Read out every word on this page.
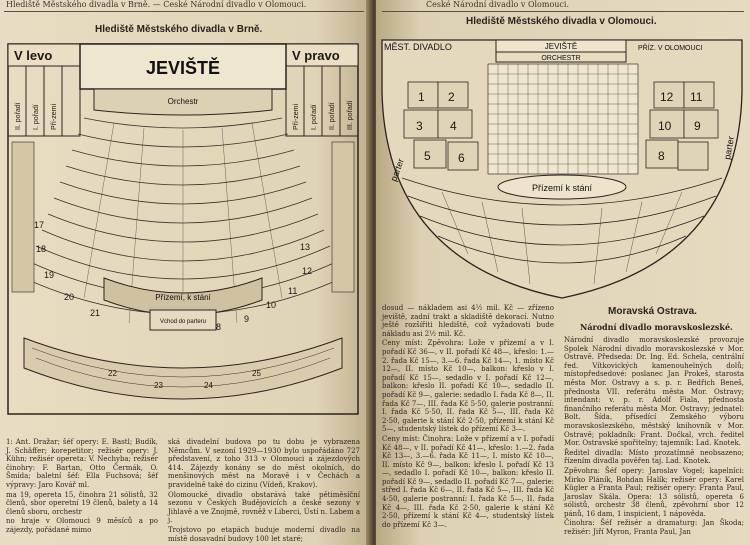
Hlediště Městského divadla v Brně. — České Národní divadlo v Olomouci.
Hlediště Městského divadla v Brně.
V levo	V pravo
II. pořadí I. pořadí Pří-zemí	Pří-zemí I. pořadí II. pořadí III. pořadí
JEVIŠTĚ
Orchestr
Přízemí, k stání
21
20
19
18
17
13
12
11
10
9
8
Vchod do parteru
22
23	24
25

1: Ant. Dražar; šéf opery: E. Bastl; Budík, J. Schäffer; korepetitor; režisér opery: J. Kühn; režisér opereta: V. Nechyba; režisér činohry: F. Bartan, Otto Čermák, O. Šmída; baletní šéf: Ella Fuchsová; šéf výpravy: Jaro Kovář ml.

ma 19, opereta 15, činohra 21 sólistů, 32 členů, sbor operetní 19 členů, balety a 14 členů sboru, orchestr

no hraje v Olomouci 9 měsíců a po zájezdy, pořádané mimo

ská divadelní budova po tu dobu je vybrazena Němcům. V sezoní 1929—1930 bylo uspořádáno 727 představení, z toho 313 v Olomouci a zájezdových 414. Zájezdy konány se do měst okolních, do menšinových měst na Moravě i v Čechách a pravidelně také do cizinu (Vídeň, Krakov).

Olomoucké divadlo obstarává také pětiměsíční sezonu v Českých Budějovicích a české sezony v Jihlavě a ve Znojmě, rovněž v Liberci, Ústí n. Labem a j.

Trojstovo po etapách buduje moderní divadlo na místě dosavadní budovy 100 let staré;

České Národní divadlo v Olomouci.
Hlediště Městského divadla v Olomouci.
JEVIŠTĚ
ORCHESTR
MĚST. DIVADLO	PŘÍZ. V OLOMOUCI
1 2
3 4
5 6
12 11
10 9
8
Přízemí k stání
parter
parter

dosud — nákladem asi 4½ mil. Kč — zřízeno jeviště, zadní trakt a skladiště dekorací. Nutno ještě rozšířiti hlediště, což vyžadovati bude nákladu asi 2½ mil. Kč.

Ceny míst: Zpěvohra: Lože v přízemí a v I. pořadí Kč 36—, v II. pořadí Kč 48—, křeslo: 1.—2. řada Kč 15—, 3.—6. řada Kč 14—, 1. místo Kč 12—, II. místo Kč 10—, balkon: křeslo v I. pořadí Kč 15—, sedadlo v I. pořadí Kč 12—, balkon: křeslo II. pořadí Kč 10—, sedadlo II. pořadí Kč 9—, galerie: sedadlo I. řada Kč 8—, II. řada Kč 7—, III. řada Kč 5·50, galerie postranní: I. řada Kč 5·50, II. řada Kč 5—, III. řada Kč 2·50, galerie k stání Kč 2·50, přízemí k stání Kč 5—, studentský lístek do přízemí Kč 3—.

Ceny míst: Činohra: Lože v přízemí a v I. pořadí Kč 48—, v II. pořadí Kč 41—, křeslo: 1.—2. řada Kč 13—, 3.—6. řada Kč 11—, I. místo Kč 10—, II. místo Kč 9—, balkon: křeslo I. pořadí Kč 13—, sedadlo I. pořadí Kč 10—, balkon: křeslo II. pořadí Kč 9—, sedadlo II. pořadí Kč 7—, galerie: střed I. řada Kč 6—, II. řada Kč 5—, III. řada Kč 4·50, galerie postranní: I. řada Kč 5—, II. řada Kč 4—, III. řada Kč 2·50, galerie k stání Kč 2·50, přízemí k stání Kč 4—, studentský lístek do přízemí Kč 3—.

Moravská Ostrava.
Národní divadlo moravskoslezské.

Národní divadlo moravskoslezské provozuje Spolek Národní divadlo moravskoslezské v Mor. Ostravě. Předseda: Dr. Ing. Ed. Schela, centrální řed. Vítkovických kamenouhelných dolů; místopředsedové: poslanec Jan Prokeš, starosta města Mor. Ostravy a s. p. r. Bedřich Beneš, přednosta VII. referátu města Mor. Ostravy; intendant: v. p. r. Adolf Fiala, přednosta finančního referátu města Mor. Ostravy; jednatel: Bolt. Šída, přísedící Zemského výboru moravskoslezského, městský knihovník v Mor. Ostravě; pokladník: Frant. Dočkal, vrch. ředitel Mor. Ostravské spořitelny; tajemník: Lad. Knotek.

Ředitel divadla: Místo prozatímně neobsazeno; řízením divadla pověřen taj. Lad. Knotek.

Zpěvohra: Šéf opery: Jaroslav Vogel; kapelníci: Mirko Pláník, Bohdan Halík; režisér opery: Karel Kügler a Franta Paul; režisér opery: Franta Paul, Jaroslav Skála. Opera: 13 sólistů, opereta 6 sólistů, orchestr 38 členů, zpěvohrní sbor 12 pánů, 16 dam, 1 inspicient, 1 nápověda.

Činohra: Šéf režisér a dramaturg: Jan Škoda; režisér: Jiří Myron, Franta Paul, Jan
